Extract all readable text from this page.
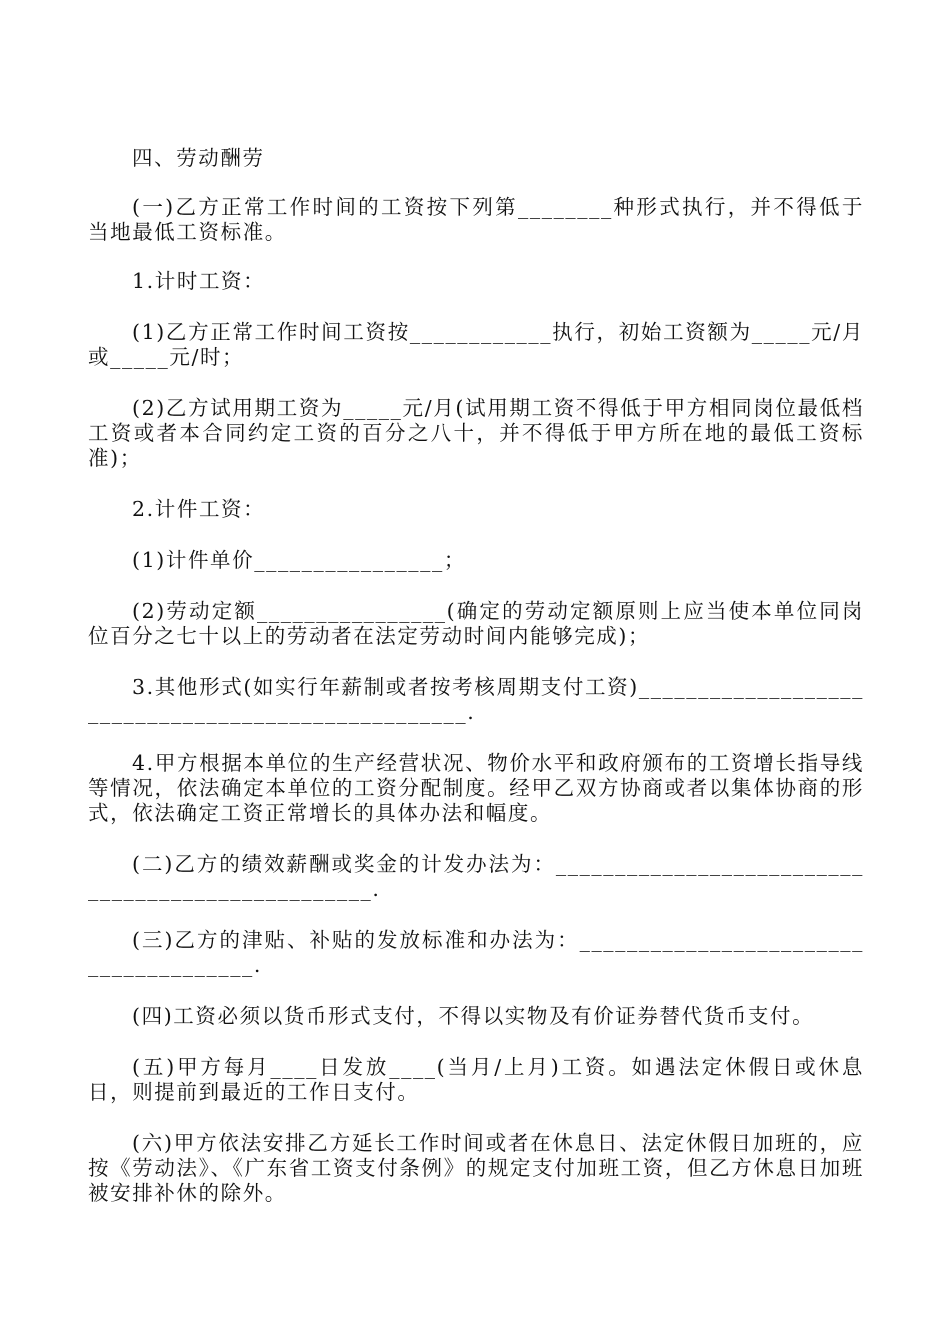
四、劳动酬劳

(一)乙方正常工作时间的工资按下列第________种形式执行，并不得低于当地最低工资标准。

1.计时工资：

(1)乙方正常工作时间工资按____________执行，初始工资额为_____元/月或_____元/时；

(2)乙方试用期工资为_____元/月(试用期工资不得低于甲方相同岗位最低档工资或者本合同约定工资的百分之八十，并不得低于甲方所在地的最低工资标准)；

2.计件工资：

(1)计件单价________________；

(2)劳动定额________________(确定的劳动定额原则上应当使本单位同岗位百分之七十以上的劳动者在法定劳动时间内能够完成)；

3.其他形式(如实行年薪制或者按考核周期支付工资)___________________________________________________.

4.甲方根据本单位的生产经营状况、物价水平和政府颁布的工资增长指导线等情况，依法确定本单位的工资分配制度。经甲乙双方协商或者以集体协商的形式，依法确定工资正常增长的具体办法和幅度。

(二)乙方的绩效薪酬或奖金的计发办法为：__________________________________________________.

(三)乙方的津贴、补贴的发放标准和办法为：______________________________________.

(四)工资必须以货币形式支付，不得以实物及有价证券替代货币支付。

(五)甲方每月____日发放____(当月/上月)工资。如遇法定休假日或休息日，则提前到最近的工作日支付。

(六)甲方依法安排乙方延长工作时间或者在休息日、法定休假日加班的，应按《劳动法》、《广东省工资支付条例》的规定支付加班工资，但乙方休息日加班被安排补休的除外。
